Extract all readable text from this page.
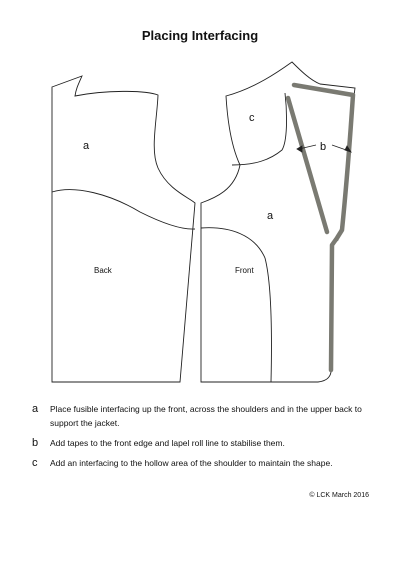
Placing Interfacing
a
Back
c
b
a
Front
a	Place fusible interfacing up the front, across the shoulders and in the upper back to support the jacket.
b	Add tapes to the front edge and lapel roll line to stabilise them.
c	Add an interfacing to the hollow area of the shoulder to maintain the shape.
© LCK March 2016
